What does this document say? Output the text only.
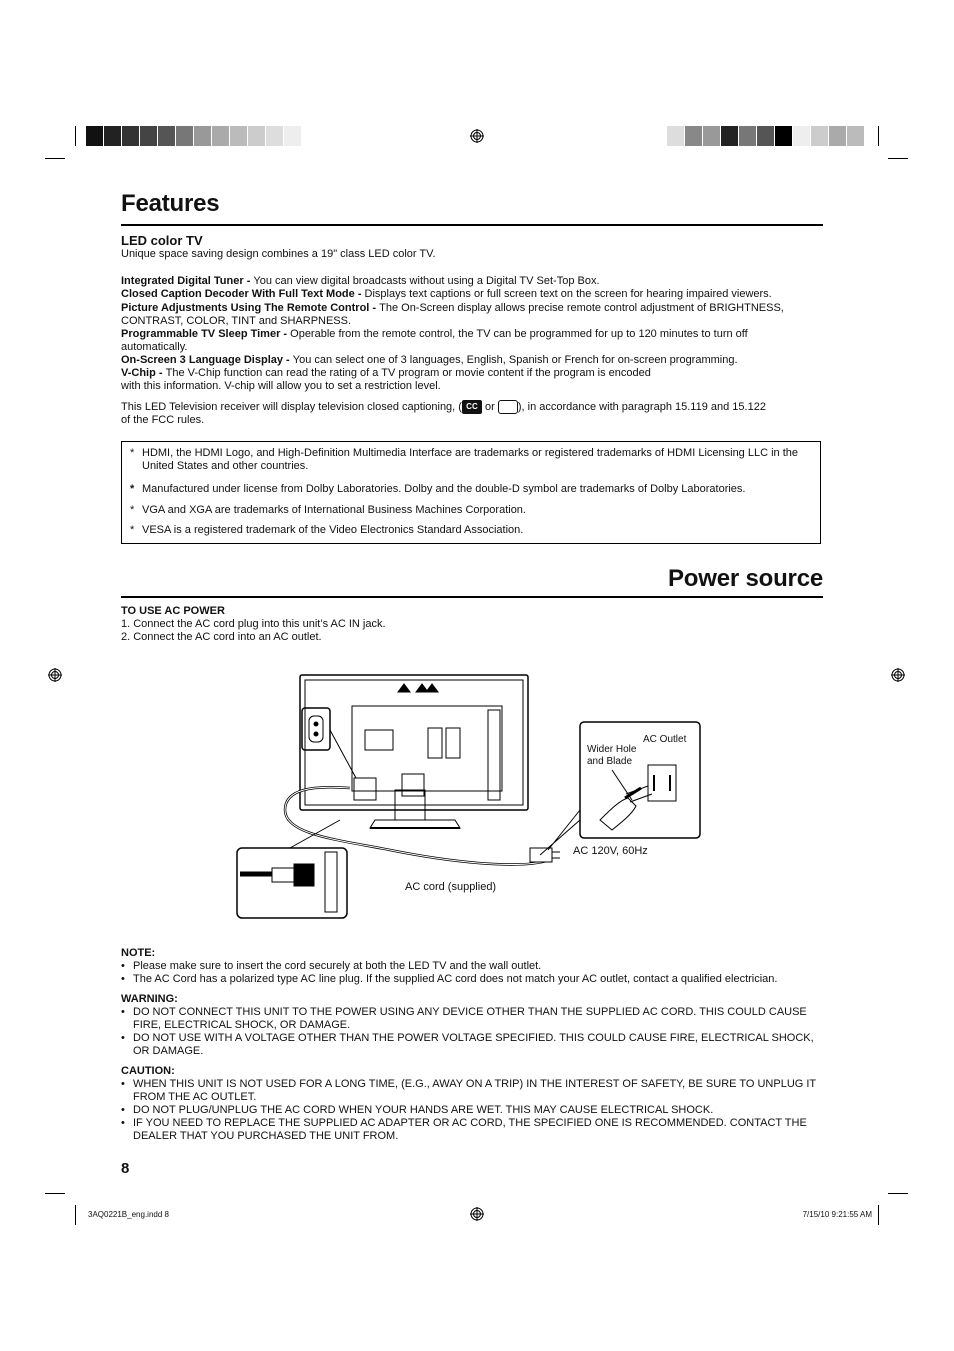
Features

LED color TV

Unique space saving design combines a 19" class LED color TV.

Integrated Digital Tuner - You can view digital broadcasts without using a Digital TV Set-Top Box.

Closed Caption Decoder With Full Text Mode - Displays text captions or full screen text on the screen for hearing impaired viewers.

Picture Adjustments Using The Remote Control - The On-Screen display allows precise remote control adjustment of BRIGHTNESS, CONTRAST, COLOR, TINT and SHARPNESS.

Programmable TV Sleep Timer - Operable from the remote control, the TV can be programmed for up to 120 minutes to turn off automatically.

On-Screen 3 Language Display - You can select one of 3 languages, English, Spanish or French for on-screen programming.

V-Chip - The V-Chip function can read the rating of a TV program or movie content if the program is encoded

with this information. V-chip will allow you to set a restriction level.

This LED Television receiver will display television closed captioning, ( CC or ), in accordance with paragraph 15.119 and 15.122

of the FCC rules.

* HDMI, the HDMI Logo, and High-Definition Multimedia Interface are trademarks or registered trademarks of HDMI Licensing LLC in the United States and other countries.
* Manufactured under license from Dolby Laboratories. Dolby and the double-D symbol are trademarks of Dolby Laboratories.
* VGA and XGA are trademarks of International Business Machines Corporation.
* VESA is a registered trademark of the Video Electronics Standard Association.
Power source

TO USE AC POWER

1. Connect the AC cord plug into this unit’s AC IN jack.

2. Connect the AC cord into an AC outlet.

AC Outlet
Wider Hole
and Blade
AC 120V, 60Hz
AC cord (supplied)
NOTE:
• Please make sure to insert the cord securely at both the LED TV and the wall outlet.
• The AC Cord has a polarized type AC line plug. If the supplied AC cord does not match your AC outlet, contact a qualified electrician.
WARNING:
• DO NOT CONNECT THIS UNIT TO THE POWER USING ANY DEVICE OTHER THAN THE SUPPLIED AC CORD. THIS COULD CAUSE FIRE, ELECTRICAL SHOCK, OR DAMAGE.
• DO NOT USE WITH A VOLTAGE OTHER THAN THE POWER VOLTAGE SPECIFIED. THIS COULD CAUSE FIRE, ELECTRICAL SHOCK, OR DAMAGE.
CAUTION:
• WHEN THIS UNIT IS NOT USED FOR A LONG TIME, (E.G., AWAY ON A TRIP) IN THE INTEREST OF SAFETY, BE SURE TO UNPLUG IT FROM THE AC OUTLET.
• DO NOT PLUG/UNPLUG THE AC CORD WHEN YOUR HANDS ARE WET. THIS MAY CAUSE ELECTRICAL SHOCK.
• IF YOU NEED TO REPLACE THE SUPPLIED AC ADAPTER OR AC CORD, THE SPECIFIED ONE IS RECOMMENDED. CONTACT THE DEALER THAT YOU PURCHASED THE UNIT FROM.
8
3AQ0221B_eng.indd 8	7/15/10 9:21:55 AM
